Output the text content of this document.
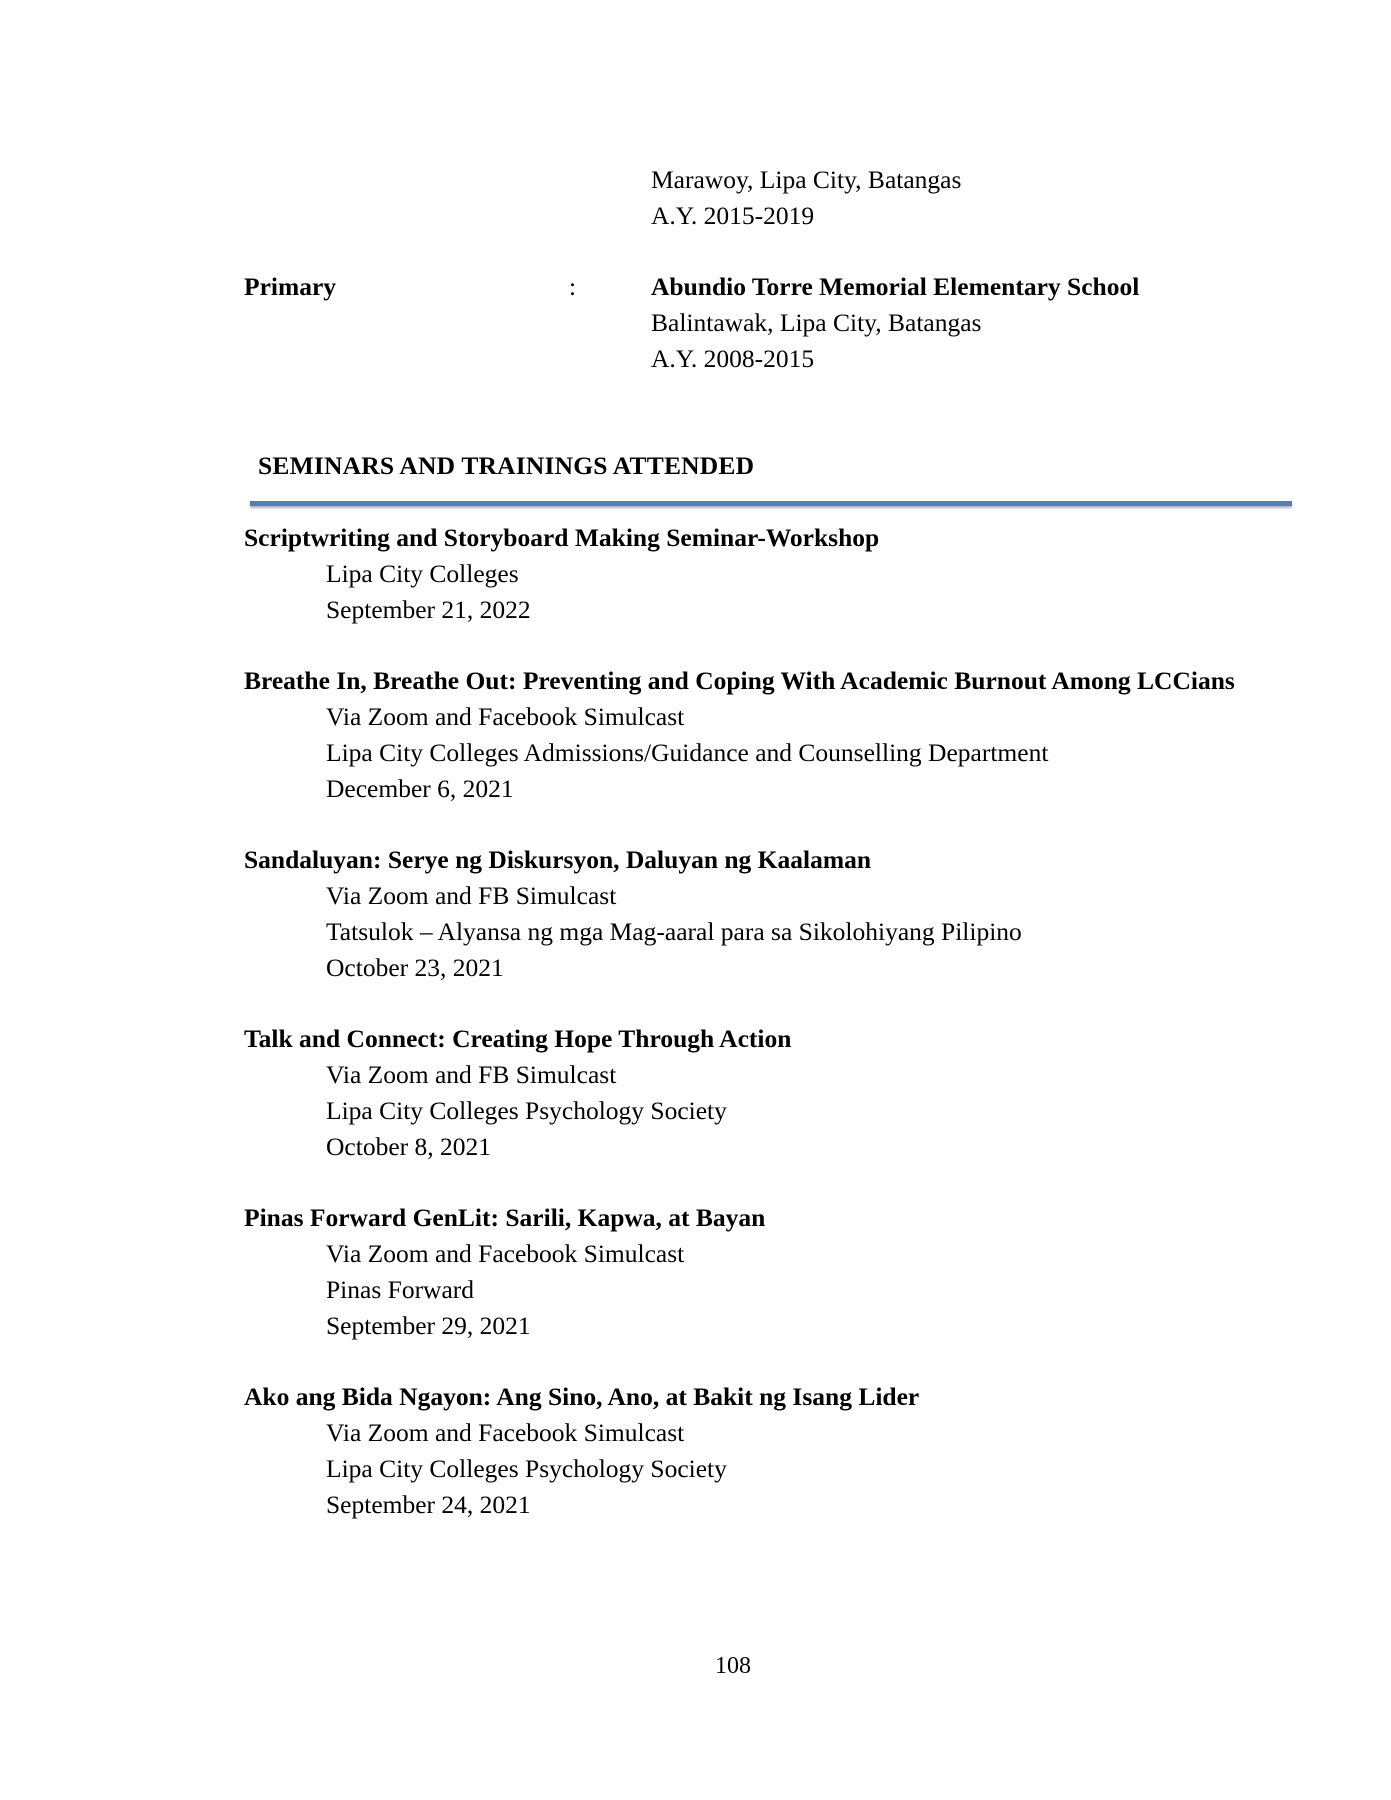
Marawoy, Lipa City, Batangas
A.Y. 2015-2019
Primary	:	Abundio Torre Memorial Elementary School
Balintawak, Lipa City, Batangas
A.Y. 2008-2015
SEMINARS AND TRAININGS ATTENDED
Scriptwriting and Storyboard Making Seminar-Workshop
Lipa City Colleges
September 21, 2022
Breathe In, Breathe Out: Preventing and Coping With Academic Burnout Among LCCians
Via Zoom and Facebook Simulcast
Lipa City Colleges Admissions/Guidance and Counselling Department
December 6, 2021
Sandaluyan: Serye ng Diskursyon, Daluyan ng Kaalaman
Via Zoom and FB Simulcast
Tatsulok – Alyansa ng mga Mag-aaral para sa Sikolohiyang Pilipino
October 23, 2021
Talk and Connect: Creating Hope Through Action
Via Zoom and FB Simulcast
Lipa City Colleges Psychology Society
October 8, 2021
Pinas Forward GenLit: Sarili, Kapwa, at Bayan
Via Zoom and Facebook Simulcast
Pinas Forward
September 29, 2021
Ako ang Bida Ngayon: Ang Sino, Ano, at Bakit ng Isang Lider
Via Zoom and Facebook Simulcast
Lipa City Colleges Psychology Society
September 24, 2021
108
